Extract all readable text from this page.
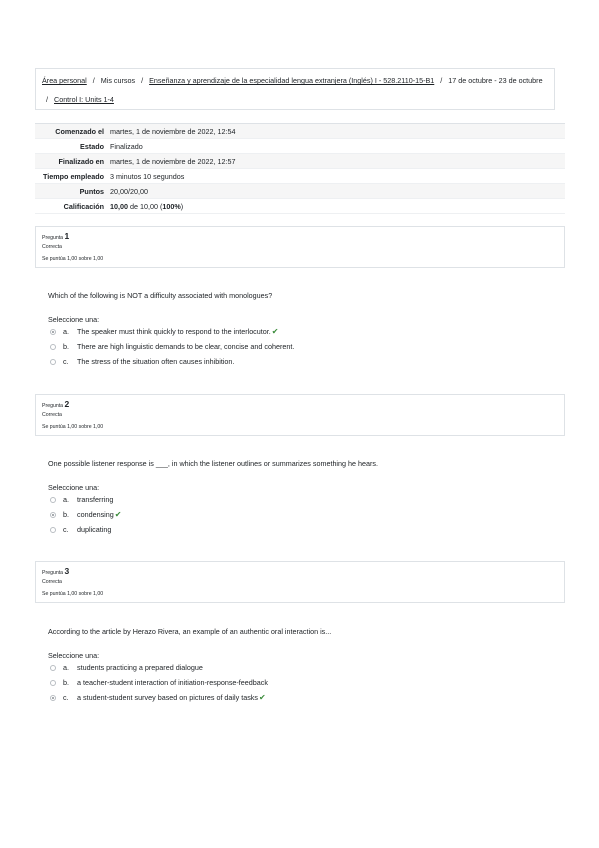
Área personal / Mis cursos / Enseñanza y aprendizaje de la especialidad lengua extranjera (Inglés) I - 528.2110-15-B1 / 17 de octubre - 23 de octubre
/ Control I: Units 1-4
Comenzado el martes, 1 de noviembre de 2022, 12:54
Estado Finalizado
Finalizado en martes, 1 de noviembre de 2022, 12:57
Tiempo empleado 3 minutos 10 segundos
Puntos 20,00/20,00
Calificación 10,00 de 10,00 (100%)
Pregunta 1
Correcta
Se puntúa 1,00 sobre 1,00
Which of the following is NOT a difficulty associated with monologues?
Seleccione una:
a.	The speaker must think quickly to respond to the interlocutor. ✔
b.	There are high linguistic demands to be clear, concise and coherent.
c.	The stress of the situation often causes inhibition.
Pregunta 2
Correcta
Se puntúa 1,00 sobre 1,00
One possible listener response is ___, in which the listener outlines or summarizes something he hears.
Seleccione una:
a.	transferring
b.	condensing ✔
c.	duplicating
Pregunta 3
Correcta
Se puntúa 1,00 sobre 1,00
According to the article by Herazo Rivera, an example of an authentic oral interaction is...
Seleccione una:
a.	students practicing a prepared dialogue
b.	a teacher-student interaction of initiation-response-feedback
c.	a student-student survey based on pictures of daily tasks ✔
